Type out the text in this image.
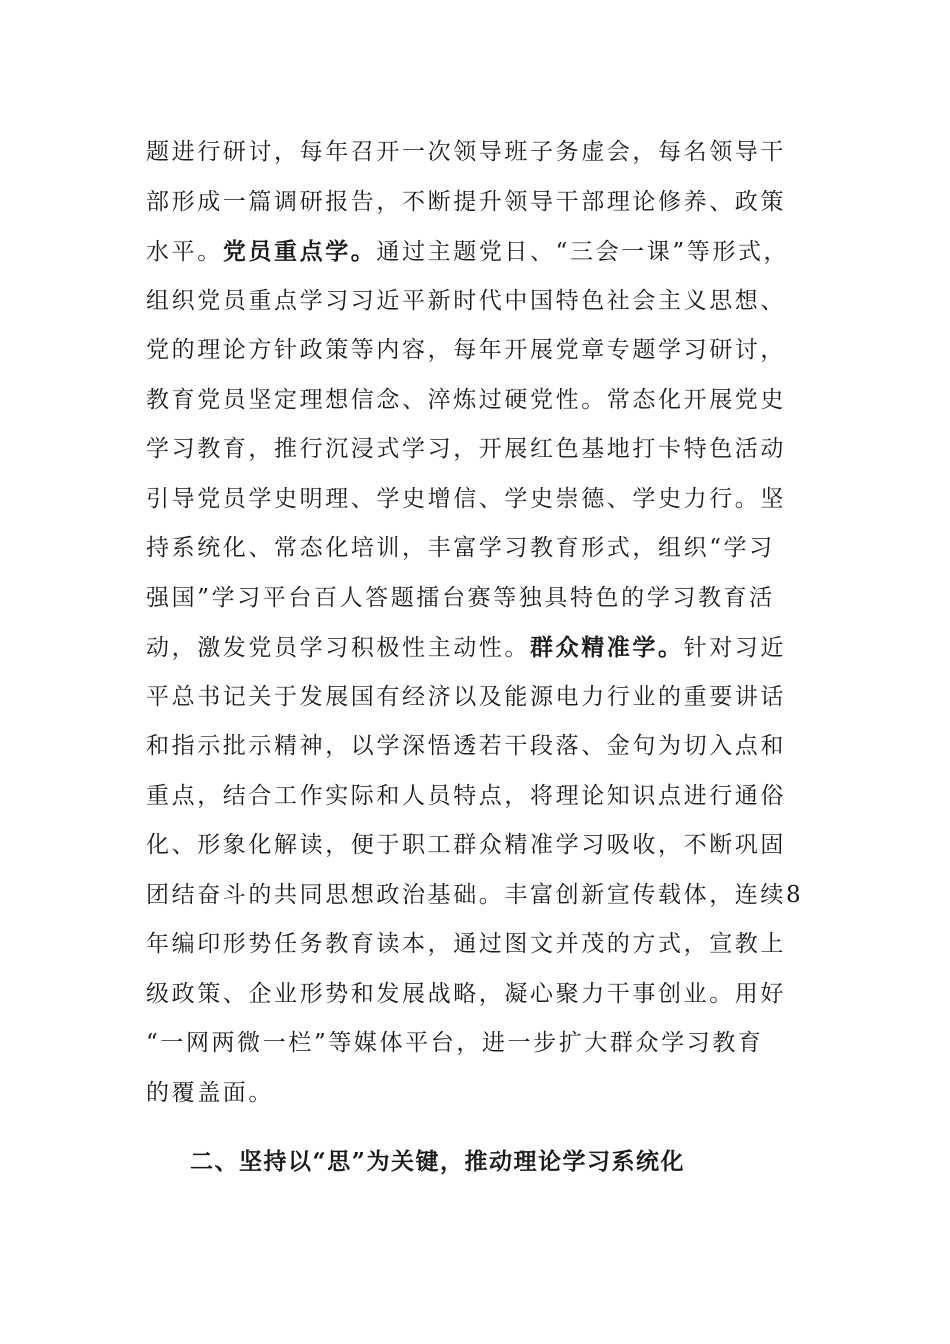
题进行研讨，每年召开一次领导班子务虚会，每名领导干
部形成一篇调研报告，不断提升领导干部理论修养、政策
水平。党员重点学。通过主题党日、“三会一课”等形式，
组织党员重点学习习近平新时代中国特色社会主义思想、
党的理论方针政策等内容，每年开展党章专题学习研讨，
教育党员坚定理想信念、淬炼过硬党性。常态化开展党史
学习教育，推行沉浸式学习，开展红色基地打卡特色活动
引导党员学史明理、学史增信、学史崇德、学史力行。坚
持系统化、常态化培训，丰富学习教育形式，组织“学习
强国”学习平台百人答题擂台赛等独具特色的学习教育活
动，激发党员学习积极性主动性。群众精准学。针对习近
平总书记关于发展国有经济以及能源电力行业的重要讲话
和指示批示精神，以学深悟透若干段落、金句为切入点和
重点，结合工作实际和人员特点，将理论知识点进行通俗
化、形象化解读，便于职工群众精准学习吸收，不断巩固
团结奋斗的共同思想政治基础。丰富创新宣传载体，连续8
年编印形势任务教育读本，通过图文并茂的方式，宣教上
级政策、企业形势和发展战略，凝心聚力干事创业。用好
“一网两微一栏”等媒体平台，进一步扩大群众学习教育
的覆盖面。
二、坚持以“思”为关键，推动理论学习系统化
